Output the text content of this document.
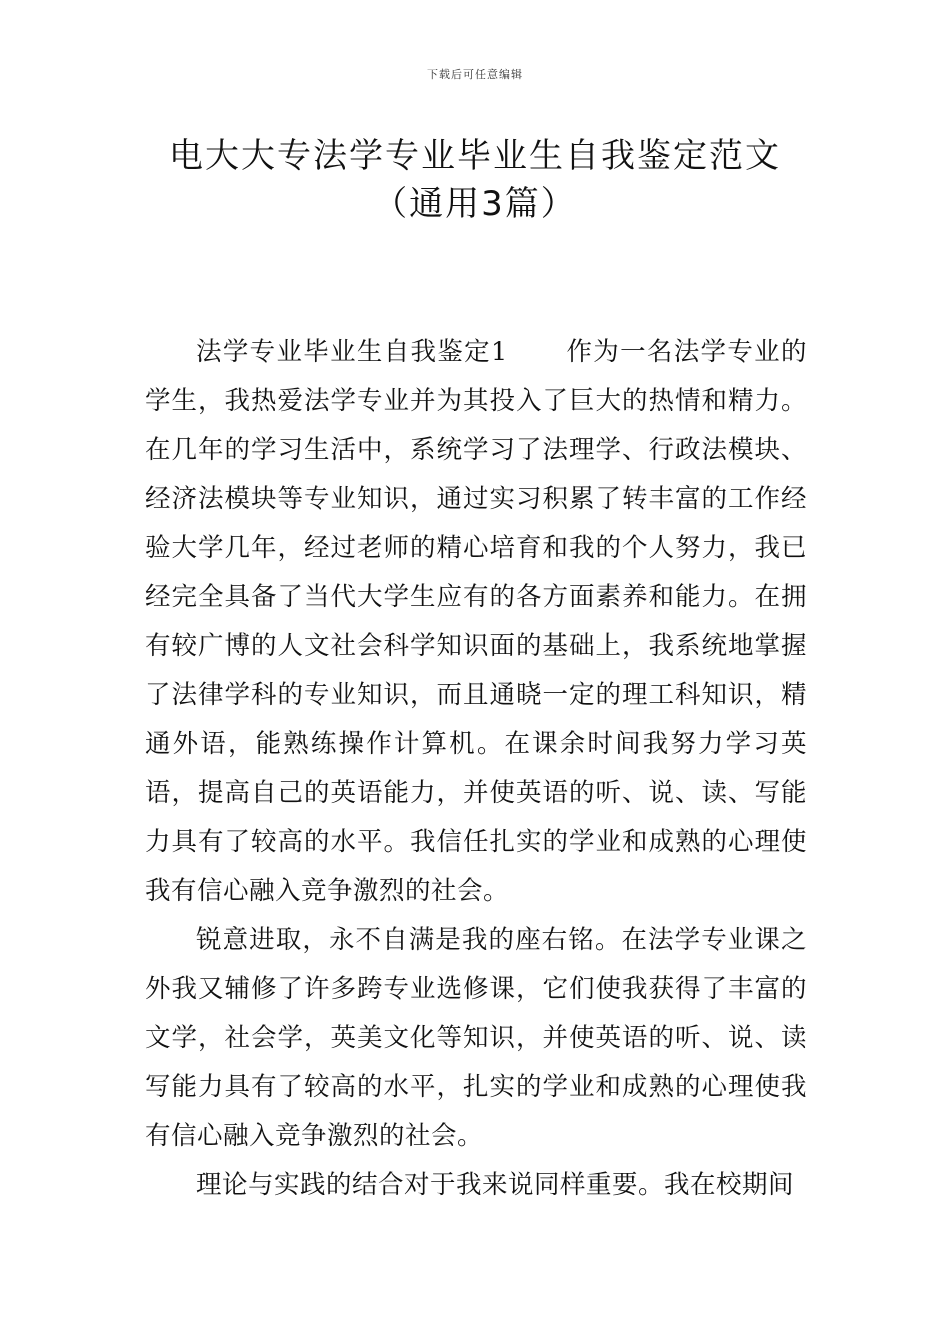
下载后可任意编辑
电大大专法学专业毕业生自我鉴定范文
（通用3篇）

法学专业毕业生自我鉴定1 作为一名法学专业的学生，我热爱法学专业并为其投入了巨大的热情和精力。在几年的学习生活中，系统学习了法理学、行政法模块、经济法模块等专业知识，通过实习积累了转丰富的工作经验大学几年，经过老师的精心培育和我的个人努力，我已经完全具备了当代大学生应有的各方面素养和能力。在拥有较广博的人文社会科学知识面的基础上，我系统地掌握了法律学科的专业知识，而且通晓一定的理工科知识，精通外语，能熟练操作计算机。在课余时间我努力学习英语，提高自己的英语能力，并使英语的听、说、读、写能力具有了较高的水平。我信任扎实的学业和成熟的心理使我有信心融入竞争激烈的社会。

锐意进取，永不自满是我的座右铭。在法学专业课之外我又辅修了许多跨专业选修课，它们使我获得了丰富的文学，社会学，英美文化等知识，并使英语的听、说、读写能力具有了较高的水平，扎实的学业和成熟的心理使我有信心融入竞争激烈的社会。

理论与实践的结合对于我来说同样重要。我在校期间
